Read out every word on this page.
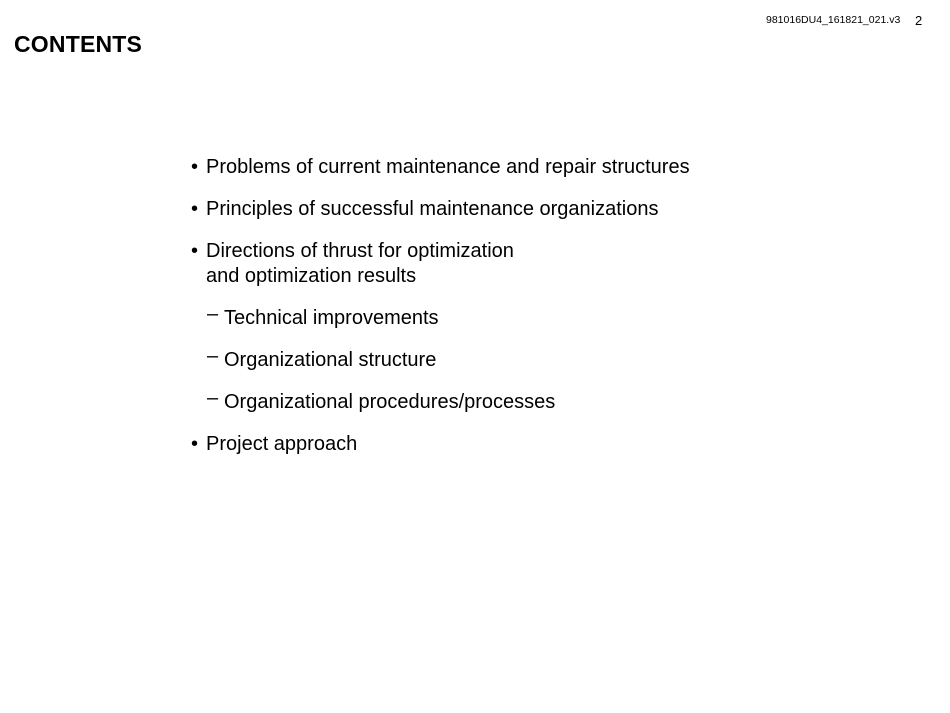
981016DU4_161821_021.v3 2
CONTENTS
• Problems of current maintenance and repair structures
• Principles of successful maintenance organizations
• Directions of thrust for optimization
and optimization results
– Technical improvements
– Organizational structure
– Organizational procedures/processes
• Project approach
